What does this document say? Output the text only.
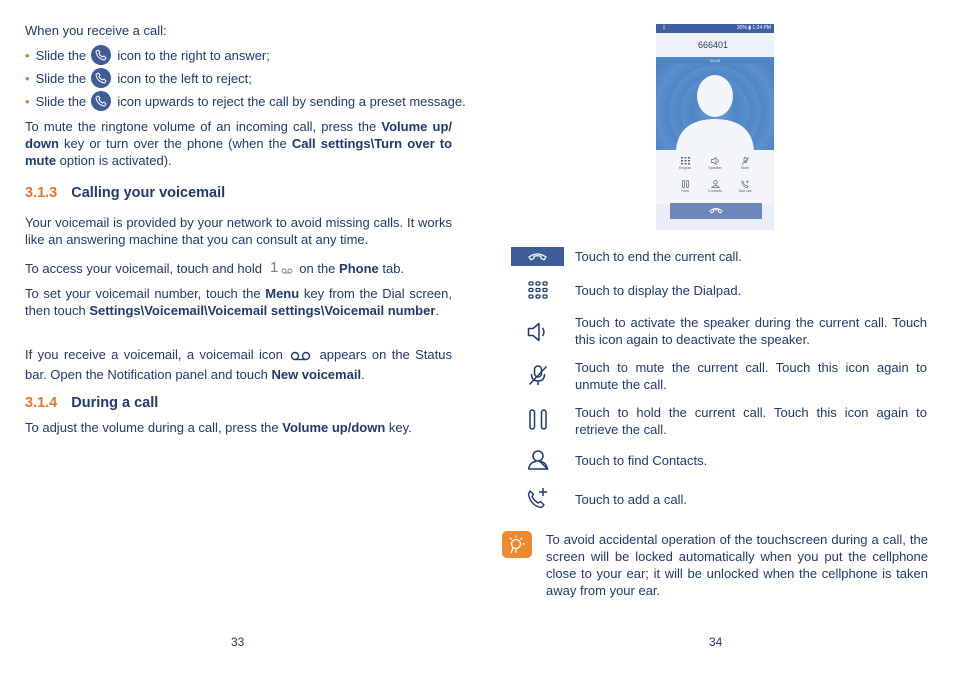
When you receive a call:

• Slide the icon to the right to answer;
• Slide the icon to the left to reject;
• Slide the icon upwards to reject the call by sending a preset message.

To mute the ringtone volume of an incoming call, press the Volume up/ down key or turn over the phone (when the Call settings\Turn over to mute option is activated).

3.1.3 Calling your voicemail

Your voicemail is provided by your network to avoid missing calls. It works like an answering machine that you can consult at any time.

To access your voicemail, touch and hold 1 on the Phone tab.

To set your voicemail number, touch the Menu key from the Dial screen, then touch Settings\Voicemail\Voicemail settings\Voicemail number.

If you receive a voicemail, a voicemail icon	appears on the Status bar. Open the Notification panel and touch New voicemail.

3.1.4 During a call

To adjust the volume during a call, press the Volume up/down key.

33
⇩	30% ▮ 1:24 PM
666401
00:08
Keypad	Speaker	Mute
Hold	Contacts	Add call

Touch to end the current call.

Touch to display the Dialpad.

Touch to activate the speaker during the current call. Touch this icon again to deactivate the speaker.

Touch to mute the current call. Touch this icon again to unmute the call.

Touch to hold the current call. Touch this icon again to retrieve the call.

Touch to find Contacts.

Touch to add a call.

To avoid accidental operation of the touchscreen during a call, the screen will be locked automatically when you put the cellphone close to your ear; it will be unlocked when the cellphone is taken away from your ear.

34
